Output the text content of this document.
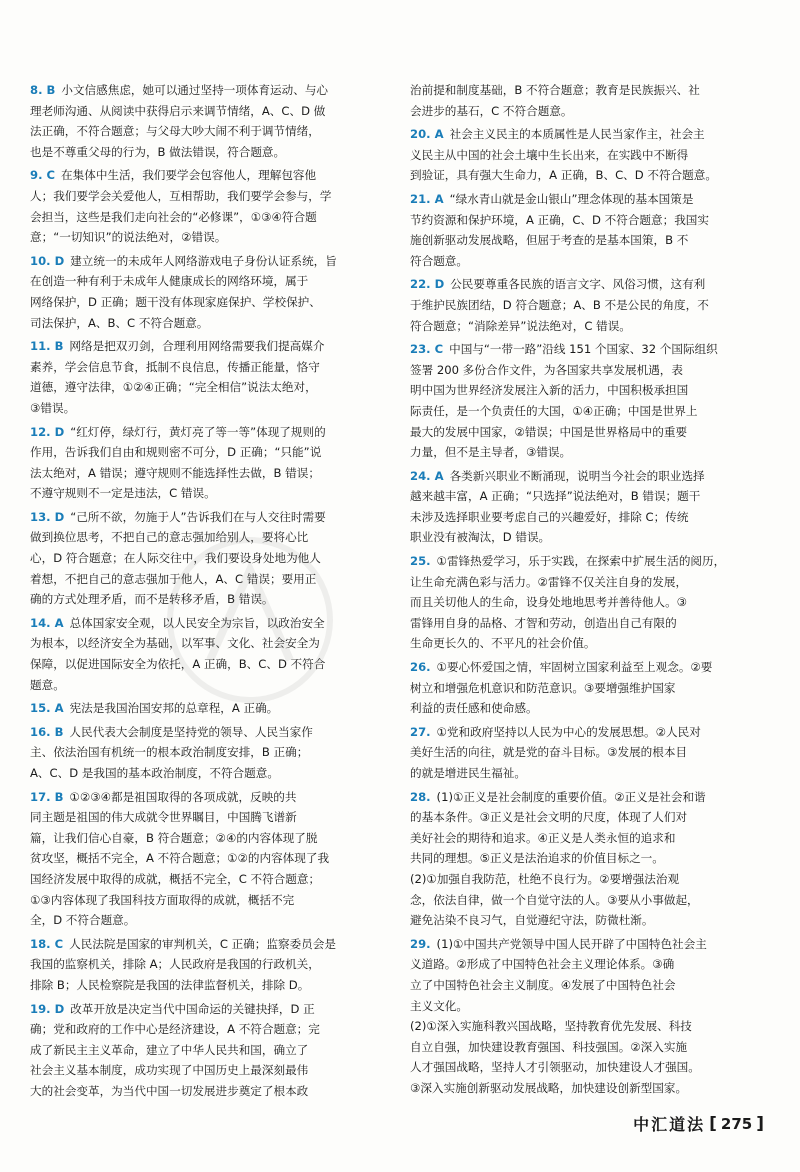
8. B 小文信感焦虑，她可以通过坚持一项体育运动、与心
理老师沟通、从阅读中获得启示来调节情绪，A、C、D 做
法正确，不符合题意；与父母大吵大闹不利于调节情绪，
也是不尊重父母的行为，B 做法错误，符合题意。
9. C 在集体中生活，我们要学会包容他人，理解包容他
人；我们要学会关爱他人，互相帮助，我们要学会参与，学
会担当，这些是我们走向社会的“必修课”，①③④符合题
意；“一切知识”的说法绝对，②错误。
10. D 建立统一的未成年人网络游戏电子身份认证系统，旨
在创造一种有利于未成年人健康成长的网络环境，属于
网络保护，D 正确；题干没有体现家庭保护、学校保护、
司法保护，A、B、C 不符合题意。
11. B 网络是把双刃剑，合理利用网络需要我们提高媒介
素养，学会信息节食，抵制不良信息，传播正能量，恪守
道德，遵守法律，①②④正确；“完全相信”说法太绝对，
③错误。
12. D “红灯停，绿灯行，黄灯亮了等一等”体现了规则的
作用，告诉我们自由和规则密不可分，D 正确；“只能”说
法太绝对，A 错误；遵守规则不能选择性去做，B 错误；
不遵守规则不一定是违法，C 错误。
13. D “己所不欲，勿施于人”告诉我们在与人交往时需要
做到换位思考，不把自己的意志强加给别人，要将心比
心，D 符合题意；在人际交往中，我们要设身处地为他人
着想，不把自己的意志强加于他人，A、C 错误；要用正
确的方式处理矛盾，而不是转移矛盾，B 错误。
14. A 总体国家安全观，以人民安全为宗旨，以政治安全
为根本，以经济安全为基础，以军事、文化、社会安全为
保障，以促进国际安全为依托，A 正确，B、C、D 不符合
题意。
15. A 宪法是我国治国安邦的总章程，A 正确。
16. B 人民代表大会制度是坚持党的领导、人民当家作
主、依法治国有机统一的根本政治制度安排，B 正确；
A、C、D 是我国的基本政治制度，不符合题意。
17. B ①②③④都是祖国取得的各项成就，反映的共
同主题是祖国的伟大成就令世界瞩目，中国腾飞谱新
篇，让我们信心自豪，B 符合题意；②④的内容体现了脱
贫攻坚，概括不完全，A 不符合题意；①②的内容体现了我
国经济发展中取得的成就，概括不完全，C 不符合题意；
①③内容体现了我国科技方面取得的成就，概括不完
全，D 不符合题意。
18. C 人民法院是国家的审判机关，C 正确；监察委员会是
我国的监察机关，排除 A；人民政府是我国的行政机关，
排除 B；人民检察院是我国的法律监督机关，排除 D。
19. D 改革开放是决定当代中国命运的关键抉择，D 正
确；党和政府的工作中心是经济建设，A 不符合题意；完
成了新民主主义革命，建立了中华人民共和国，确立了
社会主义基本制度，成功实现了中国历史上最深刻最伟
大的社会变革，为当代中国一切发展进步奠定了根本政
治前提和制度基础，B 不符合题意；教育是民族振兴、社
会进步的基石，C 不符合题意。
20. A 社会主义民主的本质属性是人民当家作主，社会主
义民主从中国的社会土壤中生长出来，在实践中不断得
到验证，具有强大生命力，A 正确，B、C、D 不符合题意。
21. A “绿水青山就是金山银山”理念体现的基本国策是
节约资源和保护环境，A 正确，C、D 不符合题意；我国实
施创新驱动发展战略，但屈于考查的是基本国策，B 不
符合题意。
22. D 公民要尊重各民族的语言文字、风俗习惯，这有利
于维护民族团结，D 符合题意；A、B 不是公民的角度，不
符合题意；“消除差异”说法绝对，C 错误。
23. C 中国与“一带一路”沿线 151 个国家、32 个国际组织
签署 200 多份合作文件，为各国家共享发展机遇，表
明中国为世界经济发展注入新的活力，中国积极承担国
际责任，是一个负责任的大国，①④正确；中国是世界上
最大的发展中国家，②错误；中国是世界格局中的重要
力量，但不是主导者，③错误。
24. A 各类新兴职业不断涌现，说明当今社会的职业选择
越来越丰富，A 正确；“只选择”说法绝对，B 错误；题干
未涉及选择职业要考虑自己的兴趣爱好，排除 C；传统
职业没有被淘汰，D 错误。
25. ①雷锋热爱学习，乐于实践，在探索中扩展生活的阅历，
让生命充满色彩与活力。②雷锋不仅关注自身的发展，
而且关切他人的生命，设身处地地思考并善待他人。③
雷锋用自身的品格、才智和劳动，创造出自己有限的
生命更长久的、不平凡的社会价值。
26. ①要心怀爱国之情，牢固树立国家利益至上观念。②要
树立和增强危机意识和防范意识。③要增强维护国家
利益的责任感和使命感。
27. ①党和政府坚持以人民为中心的发展思想。②人民对
美好生活的向往，就是党的奋斗目标。③发展的根本目
的就是增进民生福祉。
28. (1)①正义是社会制度的重要价值。②正义是社会和谐
的基本条件。③正义是社会文明的尺度，体现了人们对
美好社会的期待和追求。④正义是人类永恒的追求和
共同的理想。⑤正义是法治追求的价值目标之一。
(2)①加强自我防范，杜绝不良行为。②要增强法治观
念，依法自律，做一个自觉守法的人。③要从小事做起，
避免沾染不良习气，自觉遵纪守法，防微杜渐。
29. (1)①中国共产党领导中国人民开辟了中国特色社会主
义道路。②形成了中国特色社会主义理论体系。③确
立了中国特色社会主义制度。④发展了中国特色社会
主义文化。
(2)①深入实施科教兴国战略，坚持教育优先发展、科技
自立自强，加快建设教育强国、科技强国。②深入实施
人才强国战略，坚持人才引领驱动，加快建设人才强国。
③深入实施创新驱动发展战略，加快建设创新型国家。
中汇道法 [ 275 ]
